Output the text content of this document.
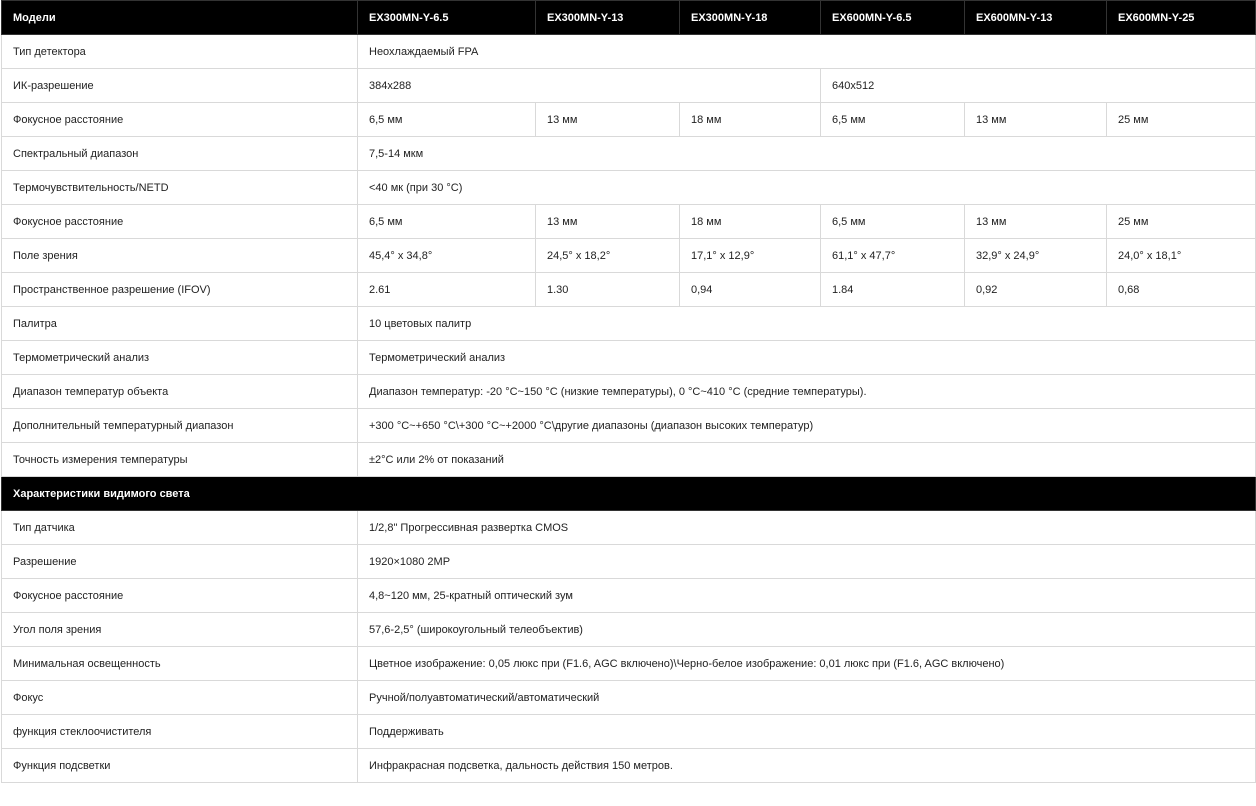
Модели	EX300MN-Y-6.5	EX300MN-Y-13	EX300MN-Y-18	EX600MN-Y-6.5	EX600MN-Y-13	EX600MN-Y-25
Тип детектора	Неохлаждаемый FPA					
ИК-разрешение	384x288			640x512		
Фокусное расстояние	6,5 мм	13 мм	18 мм	6,5 мм	13 мм	25 мм
Спектральный диапазон	7,5-14 мкм					
Термочувствительность/NETD	<40 мк (при 30 °C)					
Фокусное расстояние	6,5 мм	13 мм	18 мм	6,5 мм	13 мм	25 мм
Поле зрения	45,4° x 34,8°	24,5° x 18,2°	17,1° x 12,9°	61,1° x 47,7°	32,9° x 24,9°	24,0° x 18,1°
Пространственное разрешение (IFOV)	2.61	1.30	0,94	1.84	0,92	0,68
Палитра	10 цветовых палитр					
Термометрический анализ	Термометрический анализ					
Диапазон температур объекта	Диапазон температур: -20 °C~150 °C (низкие температуры), 0 °C~410 °C (средние температуры).					
Дополнительный температурный диапазон	+300 °C~+650 °C\+300 °C~+2000 °C\другие диапазоны (диапазон высоких температур)					
Точность измерения температуры	±2°C или 2% от показаний					
Характеристики видимого света						
Тип датчика	1/2,8" Прогрессивная развертка CMOS					
Разрешение	1920×1080 2MP					
Фокусное расстояние	4,8~120 мм, 25-кратный оптический зум					
Угол поля зрения	57,6-2,5° (широкоугольный телеобъектив)					
Минимальная освещенность	Цветное изображение: 0,05 люкс при (F1.6, AGC включено)\Черно-белое изображение: 0,01 люкс при (F1.6, AGC включено)					
Фокус	Ручной/полуавтоматический/автоматический					
функция стеклоочистителя	Поддерживать					
Функция подсветки	Инфракрасная подсветка, дальность действия 150 метров.					
